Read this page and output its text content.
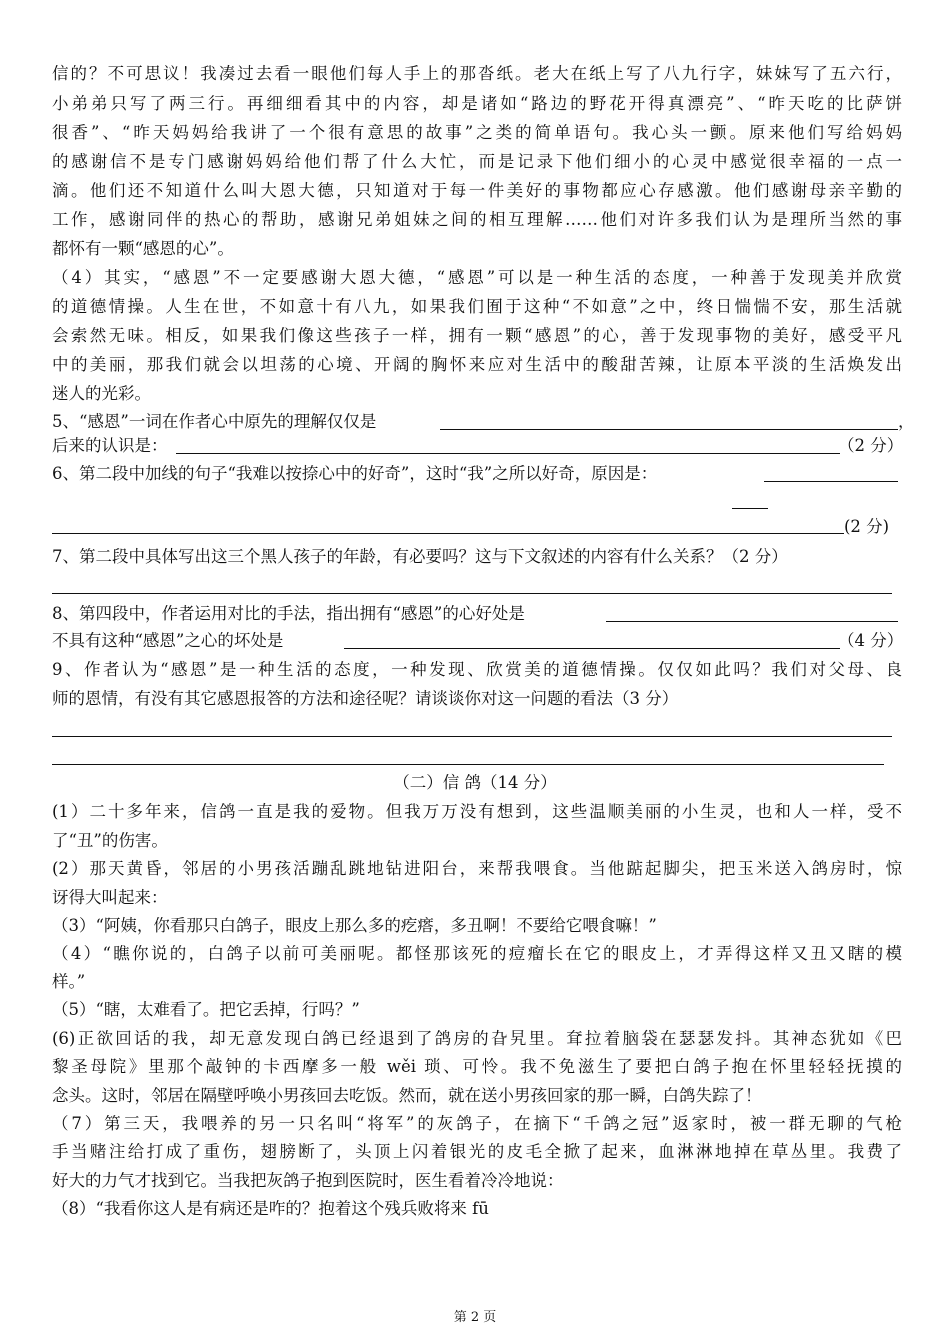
信的？不可思议！我凑过去看一眼他们每人手上的那沓纸。老大在纸上写了八九行字，妹妹写了五六行，
小弟弟只写了两三行。再细细看其中的内容，却是诸如“路边的野花开得真漂亮”、“昨天吃的比萨饼
很香”、“昨天妈妈给我讲了一个很有意思的故事”之类的简单语句。我心头一颤。原来他们写给妈妈
的感谢信不是专门感谢妈妈给他们帮了什么大忙，而是记录下他们细小的心灵中感觉很幸福的一点一
滴。他们还不知道什么叫大恩大德，只知道对于每一件美好的事物都应心存感激。他们感谢母亲辛勤的
工作，感谢同伴的热心的帮助，感谢兄弟姐妹之间的相互理解……他们对许多我们认为是理所当然的事
都怀有一颗“感恩的心”。
（4）其实，“感恩”不一定要感谢大恩大德，“感恩”可以是一种生活的态度，一种善于发现美并欣赏
的道德情操。人生在世，不如意十有八九，如果我们囿于这种“不如意”之中，终日惴惴不安，那生活就
会索然无味。相反，如果我们像这些孩子一样，拥有一颗“感恩”的心，善于发现事物的美好，感受平凡
中的美丽，那我们就会以坦荡的心境、开阔的胸怀来应对生活中的酸甜苦辣，让原本平淡的生活焕发出
迷人的光彩。
5、“感恩”一词在作者心中原先的理解仅仅是	，
后来的认识是：	（2 分）
6、第二段中加线的句子“我难以按捺心中的好奇”，这时“我”之所以好奇，原因是：
(2 分)
7、第二段中具体写出这三个黑人孩子的年龄，有必要吗？这与下文叙述的内容有什么关系？（2 分）
8、第四段中，作者运用对比的手法，指出拥有“感恩”的心好处是
不具有这种“感恩”之心的坏处是	（4 分）
9、作者认为“感恩”是一种生活的态度，一种发现、欣赏美的道德情操。仅仅如此吗？我们对父母、良
师的恩情，有没有其它感恩报答的方法和途径呢？请谈谈你对这一问题的看法（3 分）
（二）信 鸽（14 分）
(1）二十多年来，信鸽一直是我的爱物。但我万万没有想到，这些温顺美丽的小生灵，也和人一样，受不
了“丑”的伤害。
(2）那天黄昏，邻居的小男孩活蹦乱跳地钻进阳台，来帮我喂食。当他踮起脚尖，把玉米送入鸽房时，惊
讶得大叫起来：
（3）“阿姨，你看那只白鸽子，眼皮上那么多的疙瘩，多丑啊！不要给它喂食嘛！”
（4）“瞧你说的，白鸽子以前可美丽呢。都怪那该死的痘瘤长在它的眼皮上，才弄得这样又丑又瞎的模
样。”
（5）“瞎，太难看了。把它丢掉，行吗？”
(6)正欲回话的我，却无意发现白鸽已经退到了鸽房的旮旯里。耷拉着脑袋在瑟瑟发抖。其神态犹如《巴
黎圣母院》里那个敲钟的卡西摩多一般 wěi 琐、可怜。我不免滋生了要把白鸽子抱在怀里轻轻抚摸的
念头。这时，邻居在隔壁呼唤小男孩回去吃饭。然而，就在送小男孩回家的那一瞬，白鸽失踪了！
（7）第三天，我喂养的另一只名叫“将军”的灰鸽子，在摘下“千鸽之冠”返家时，被一群无聊的气枪
手当赌注给打成了重伤，翅膀断了，头顶上闪着银光的皮毛全掀了起来，血淋淋地掉在草丛里。我费了
好大的力气才找到它。当我把灰鸽子抱到医院时，医生看着冷冷地说：
（8）“我看你这人是有病还是咋的？抱着这个残兵败将来 fū
第 2 页
